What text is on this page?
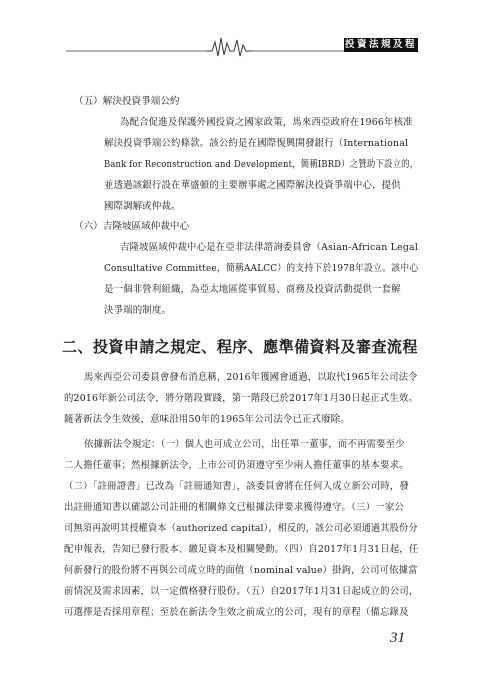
投資法規及程序
（五）解決投資爭端公約
為配合促進及保護外國投資之國家政策，馬來西亞政府在1966年核准
解決投資爭端公約條款。該公約是在國際復興開發銀行（International
Bank for Reconstruction and Development，簡稱IBRD）之贊助下設立的，
並透過該銀行設在華盛頓的主要辦事處之國際解決投資爭端中心，提供
國際調解或仲裁。
（六）吉隆坡區域仲裁中心
吉隆坡區域仲裁中心是在亞非法律諮詢委員會（Asian-African Legal
Consultative Committee，簡稱AALCC）的支持下於1978年設立。該中心
是一個非營利組織，為亞太地區從事貿易、商務及投資活動提供一套解
決爭端的制度。
二、投資申請之規定、程序、應準備資料及審查流程
馬來西亞公司委員會發布消息稱，2016年獲國會通過，以取代1965年公司法令
的2016年新公司法令，將分階段實踐，第一階段已於2017年1月30日起正式生效。
隨著新法令生效後，意味沿用50年的1965年公司法令已正式廢除。
依據新法令規定：（一）個人也可成立公司，出任單一董事，而不再需要至少
二人擔任董事；然根據新法令，上市公司仍須遵守至少兩人擔任董事的基本要求。
（二）「註冊證書」已改為「註冊通知書」，該委員會將在任何人成立新公司時，發
出註冊通知書以確認公司註冊的相關條文已根據法律要求獲得遵守。（三）一家公
司無須再說明其授權資本（authorized capital），相反的，該公司必須通過其股份分
配申報表，告知已發行股本、繳足資本及相關變動。（四）自2017年1月31日起，任
何新發行的股份將不再與公司成立時的面值（nominal value）掛鉤，公司可依據當
前情況及需求因素，以一定價格發行股份。（五）自2017年1月31日起成立的公司，
可選擇是否採用章程；至於在新法令生效之前成立的公司，現有的章程（備忘錄及
31
